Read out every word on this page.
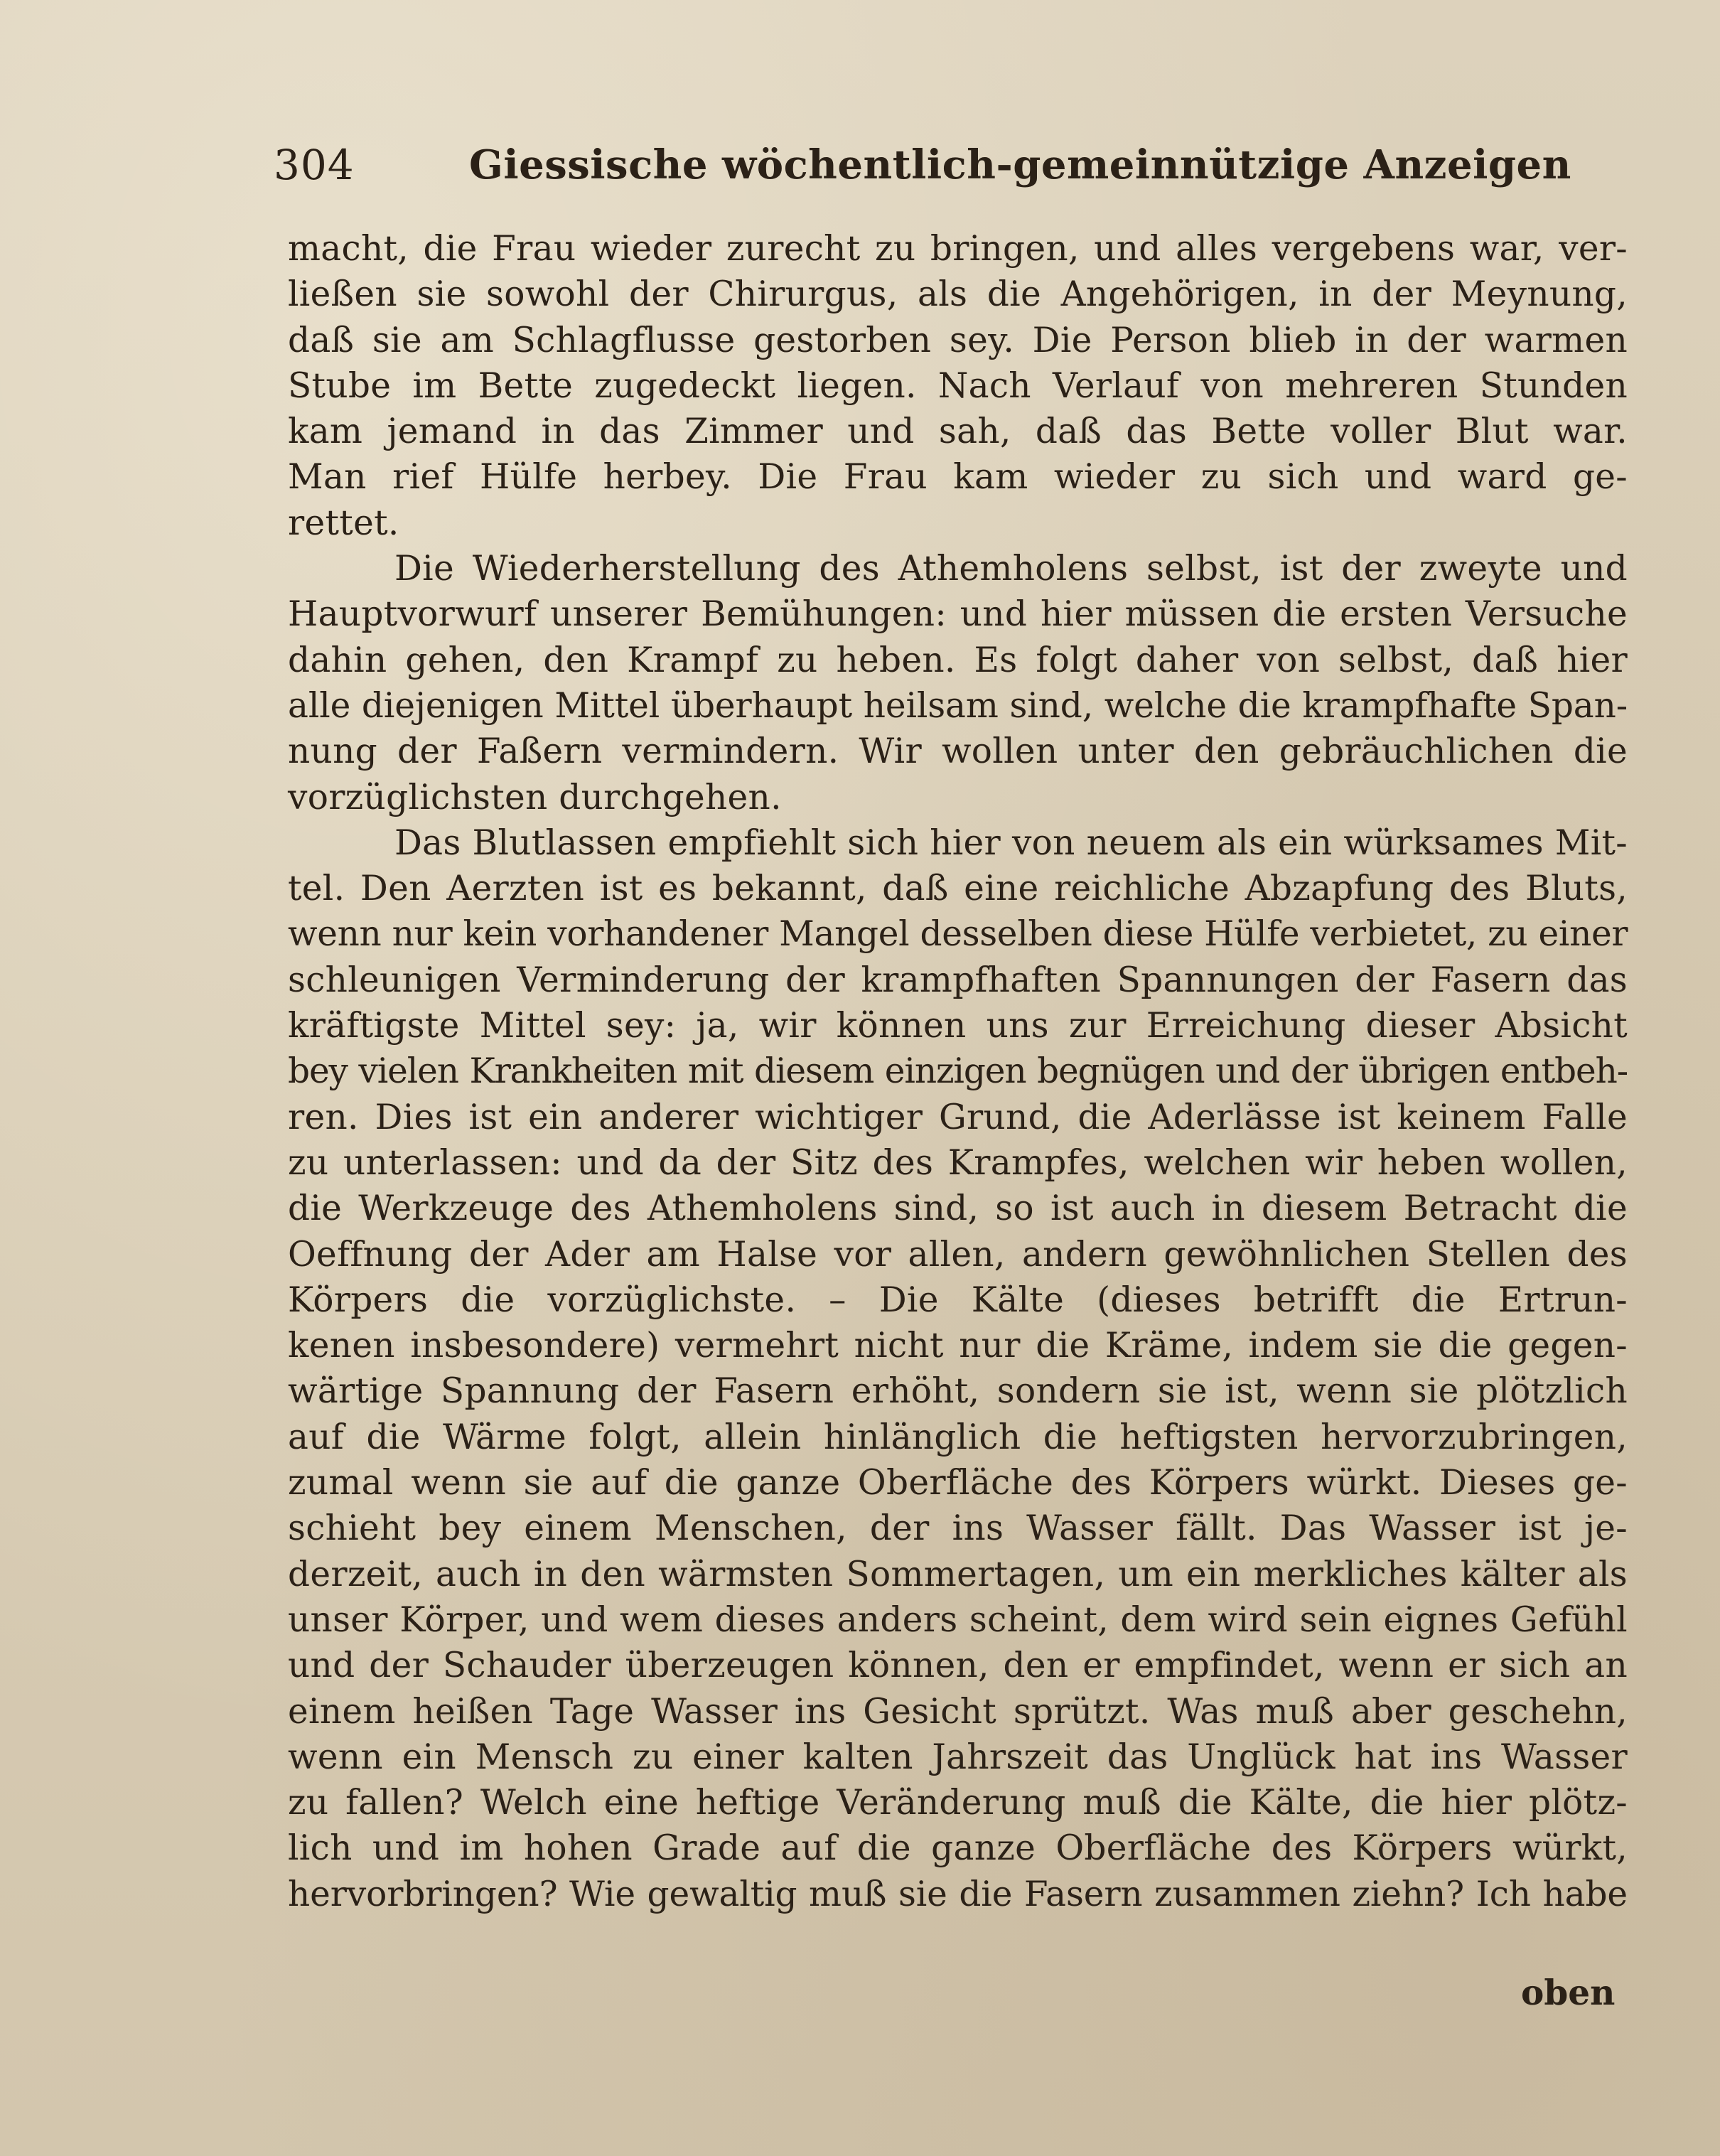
304	Giessische wöchentlich-gemeinnützige Anzeigen
macht, die Frau wieder zurecht zu bringen, und alles vergebens war, ver-
ließen sie sowohl der Chirurgus, als die Angehörigen, in der Meynung,
daß sie am Schlagflusse gestorben sey. Die Person blieb in der warmen
Stube im Bette zugedeckt liegen. Nach Verlauf von mehreren Stunden
kam jemand in das Zimmer und sah, daß das Bette voller Blut war.
Man rief Hülfe herbey. Die Frau kam wieder zu sich und ward ge-
rettet.
Die Wiederherstellung des Athemholens selbst, ist der zweyte und
Hauptvorwurf unserer Bemühungen: und hier müssen die ersten Versuche
dahin gehen, den Krampf zu heben. Es folgt daher von selbst, daß hier
alle diejenigen Mittel überhaupt heilsam sind, welche die krampfhafte Span-
nung der Faßern vermindern. Wir wollen unter den gebräuchlichen die
vorzüglichsten durchgehen.
Das Blutlassen empfiehlt sich hier von neuem als ein würksames Mit-
tel. Den Aerzten ist es bekannt, daß eine reichliche Abzapfung des Bluts,
wenn nur kein vorhandener Mangel desselben diese Hülfe verbietet, zu einer
schleunigen Verminderung der krampfhaften Spannungen der Fasern das
kräftigste Mittel sey: ja, wir können uns zur Erreichung dieser Absicht
bey vielen Krankheiten mit diesem einzigen begnügen und der übrigen entbeh-
ren. Dies ist ein anderer wichtiger Grund, die Aderlässe ist keinem Falle
zu unterlassen: und da der Sitz des Krampfes, welchen wir heben wollen,
die Werkzeuge des Athemholens sind, so ist auch in diesem Betracht die
Oeffnung der Ader am Halse vor allen, andern gewöhnlichen Stellen des
Körpers die vorzüglichste. – Die Kälte (dieses betrifft die Ertrun-
kenen insbesondere) vermehrt nicht nur die Kräme, indem sie die gegen-
wärtige Spannung der Fasern erhöht, sondern sie ist, wenn sie plötzlich
auf die Wärme folgt, allein hinlänglich die heftigsten hervorzubringen,
zumal wenn sie auf die ganze Oberfläche des Körpers würkt. Dieses ge-
schieht bey einem Menschen, der ins Wasser fällt. Das Wasser ist je-
derzeit, auch in den wärmsten Sommertagen, um ein merkliches kälter als
unser Körper, und wem dieses anders scheint, dem wird sein eignes Gefühl
und der Schauder überzeugen können, den er empfindet, wenn er sich an
einem heißen Tage Wasser ins Gesicht sprützt. Was muß aber geschehn,
wenn ein Mensch zu einer kalten Jahrszeit das Unglück hat ins Wasser
zu fallen? Welch eine heftige Veränderung muß die Kälte, die hier plötz-
lich und im hohen Grade auf die ganze Oberfläche des Körpers würkt,
hervorbringen? Wie gewaltig muß sie die Fasern zusammen ziehn? Ich habe
oben
